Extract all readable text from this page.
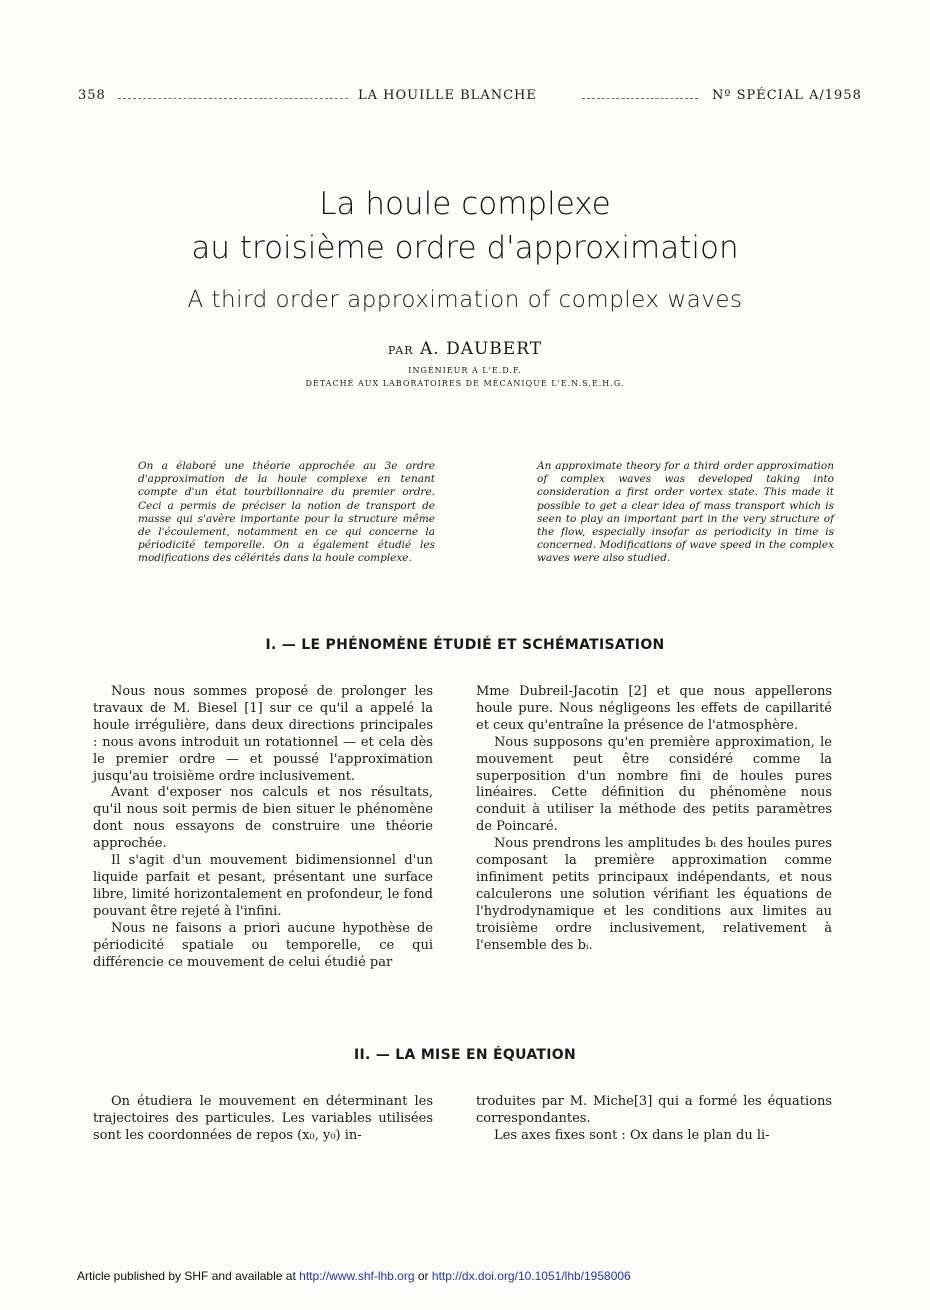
358	LA HOUILLE BLANCHE	Nº SPÉCIAL A/1958
La houle complexe
au troisième ordre d'approximation
A third order approximation of complex waves
PAR A. DAUBERT
INGÉNIEUR A L'E.D.F.
DÉTACHÉ AUX LABORATOIRES DE MÉCANIQUE L'E.N.S.E.H.G.
On a élaboré une théorie approchée au 3e ordre d'approximation de la houle complexe en tenant compte d'un état tourbillonnaire du premier ordre. Ceci a permis de préciser la notion de transport de masse qui s'avère importante pour la structure même de l'écoulement, notamment en ce qui concerne la périodicité temporelle. On a également étudié les modifications des célérités dans la houle complexe.
An approximate theory for a third order approximation of complex waves was developed taking into consideration a first order vortex state. This made it possible to get a clear idea of mass transport which is seen to play an important part in the very structure of the flow, especially insofar as periodicity in time is concerned. Modifications of wave speed in the complex waves were also studied.
I. — LE PHÉNOMÈNE ÉTUDIÉ ET SCHÉMATISATION

Nous nous sommes proposé de prolonger les travaux de M. Biesel [1] sur ce qu'il a appelé la houle irrégulière, dans deux directions principales : nous avons introduit un rotationnel — et cela dès le premier ordre — et poussé l'approximation jusqu'au troisième ordre inclusivement.

Avant d'exposer nos calculs et nos résultats, qu'il nous soit permis de bien situer le phénomène dont nous essayons de construire une théorie approchée.

Il s'agit d'un mouvement bidimensionnel d'un liquide parfait et pesant, présentant une surface libre, limité horizontalement en profondeur, le fond pouvant être rejeté à l'infini.

Nous ne faisons a priori aucune hypothèse de périodicité spatiale ou temporelle, ce qui différencie ce mouvement de celui étudié par

Mme Dubreil-Jacotin [2] et que nous appellerons houle pure. Nous négligeons les effets de capillarité et ceux qu'entraîne la présence de l'atmosphère.

Nous supposons qu'en première approximation, le mouvement peut être considéré comme la superposition d'un nombre fini de houles pures linéaires. Cette définition du phénomène nous conduit à utiliser la méthode des petits paramètres de Poincaré.

Nous prendrons les amplitudes bᵢ des houles pures composant la première approximation comme infiniment petits principaux indépendants, et nous calculerons une solution vérifiant les équations de l'hydrodynamique et les conditions aux limites au troisième ordre inclusivement, relativement à l'ensemble des bᵢ.

II. — LA MISE EN ÉQUATION

On étudiera le mouvement en déterminant les trajectoires des particules. Les variables utilisées sont les coordonnées de repos (x₀, y₀) in-

troduites par M. Miche[3] qui a formé les équations correspondantes.

Les axes fixes sont : Ox dans le plan du li-

Article published by SHF and available at http://www.shf-lhb.org or http://dx.doi.org/10.1051/lhb/1958006
